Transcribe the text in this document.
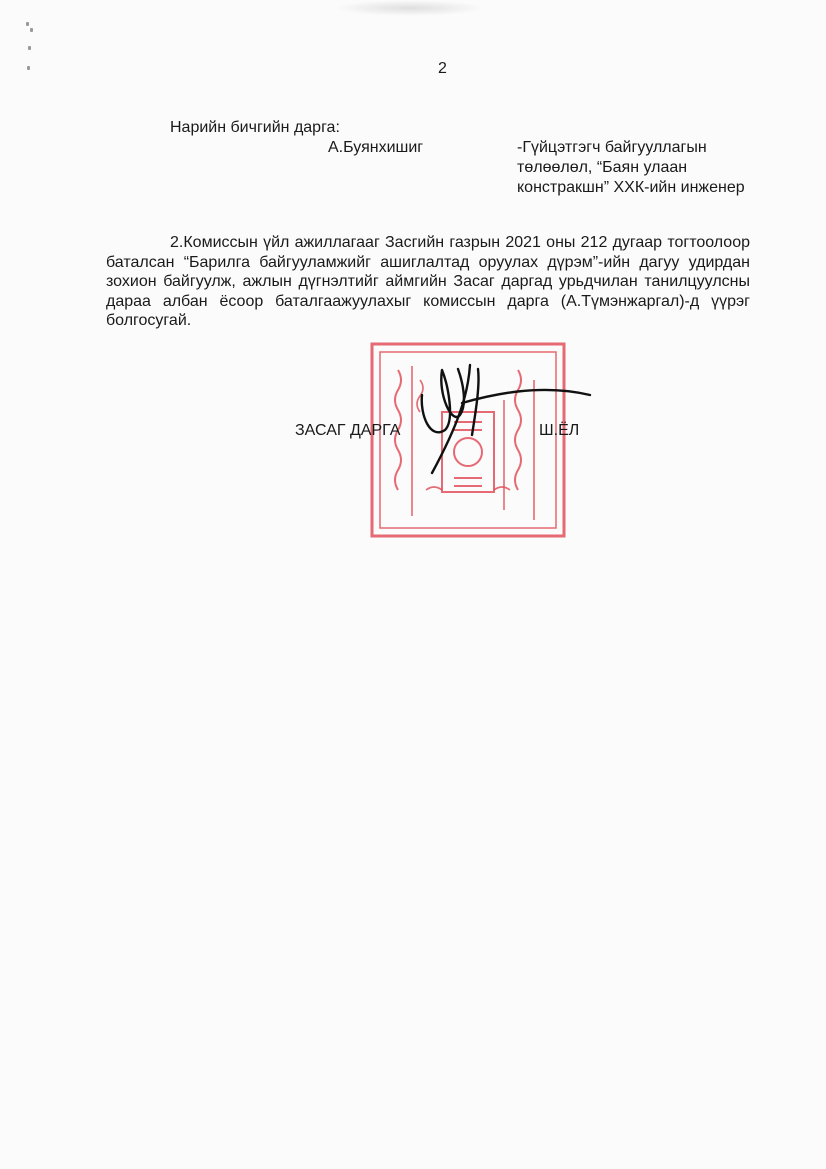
2
Нарийн бичгийн дарга:
А.Буянхишиг	-Гүйцэтгэгч байгууллагын төлөөлөл, “Баян улаан констракшн” ХХК-ийн инженер
2.Комиссын үйл ажиллагааг Засгийн газрын 2021 оны 212 дугаар тогтоолоор баталсан “Барилга байгууламжийг ашиглалтад оруулах дүрэм”-ийн дагуу удирдан зохион байгуулж, ажлын дүгнэлтийг аймгийн Засаг даргад урьдчилан танилцуулсны дараа албан ёсоор баталгаажуулахыг комиссын дарга (А.Түмэнжаргал)-д үүрэг болгосугай.
ЗАСАГ ДАРГА	Ш.ЁЛ
